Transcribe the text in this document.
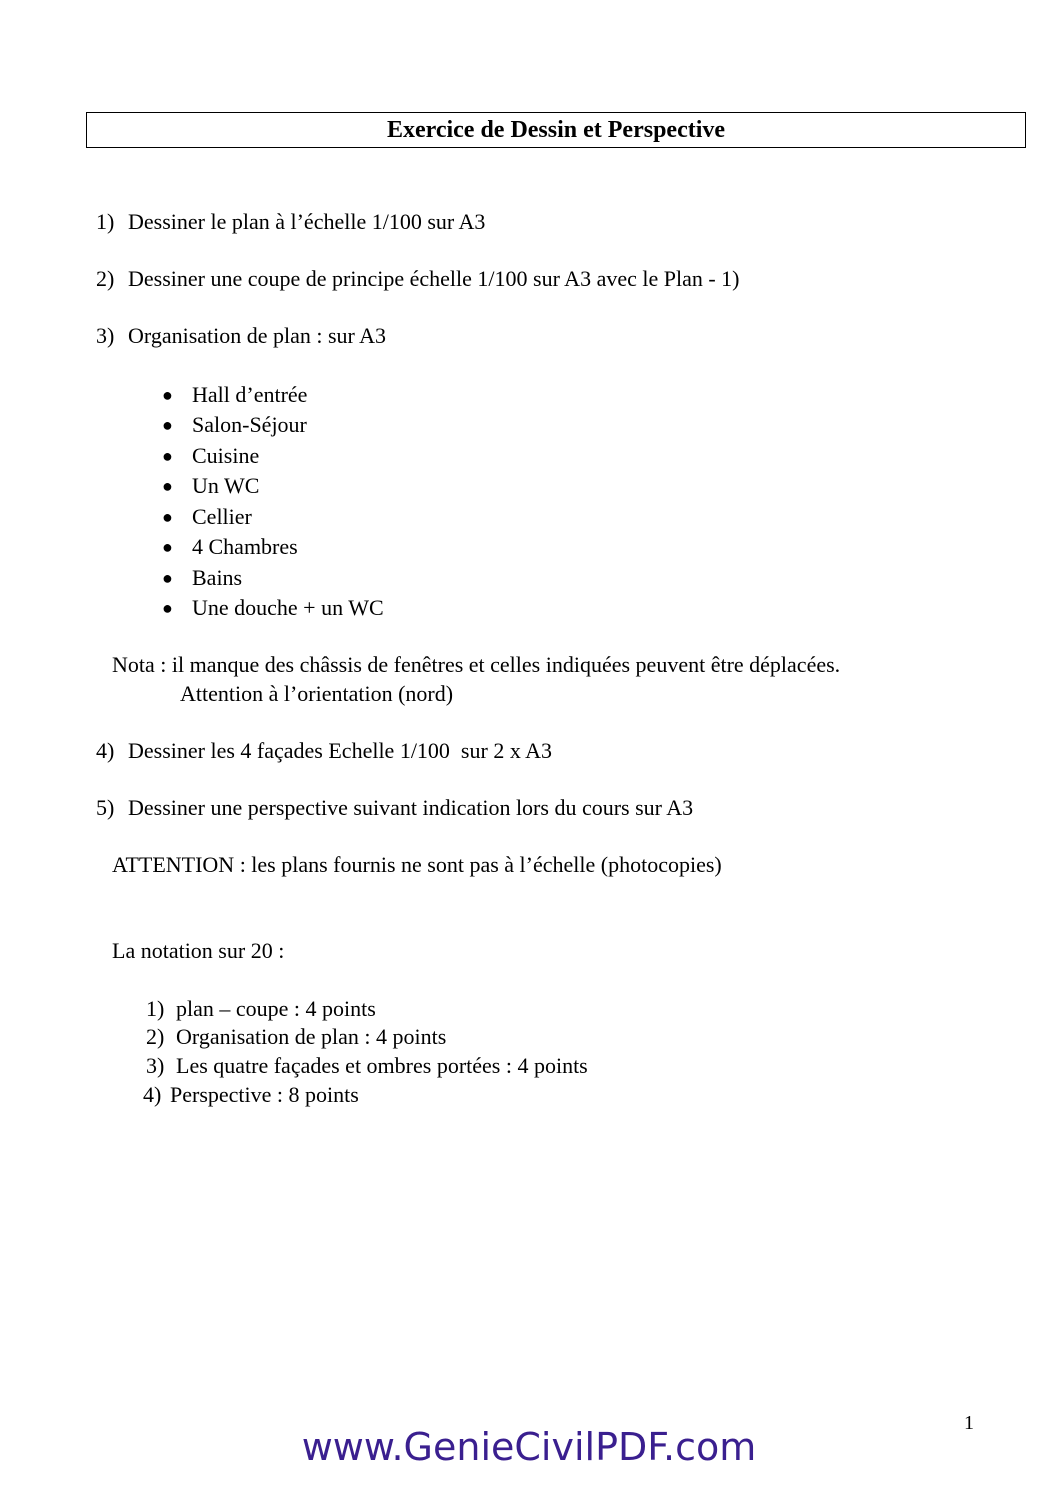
Exercice de Dessin et Perspective
1) Dessiner le plan à l’échelle 1/100 sur A3
2) Dessiner une coupe de principe échelle 1/100 sur A3 avec le Plan - 1)
3) Organisation de plan : sur A3
● Hall d’entrée
● Salon-Séjour
● Cuisine
● Un WC
● Cellier
● 4 Chambres
● Bains
● Une douche + un WC
Nota : il manque des châssis de fenêtres et celles indiquées peuvent être déplacées.
Attention à l’orientation (nord)
4) Dessiner les 4 façades Echelle 1/100  sur 2 x A3
5) Dessiner une perspective suivant indication lors du cours sur A3
ATTENTION : les plans fournis ne sont pas à l’échelle (photocopies)
La notation sur 20 :
1) plan – coupe : 4 points
2) Organisation de plan : 4 points
3) Les quatre façades et ombres portées : 4 points
4) Perspective : 8 points
1
www.GenieCivilPDF.com
